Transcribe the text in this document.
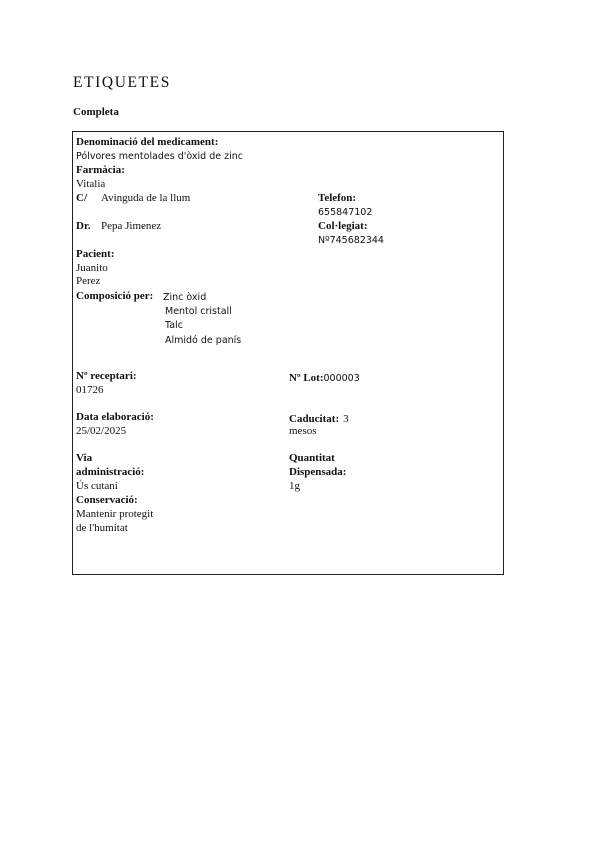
ETIQUETES
Completa
Denominació del medicament:
Pólvores mentolades d'òxid de zinc
Farmàcia:
Vitalia
C/ Avinguda de la llum	Telefon:
655847102
Dr. Pepa Jimenez	Col·legiat:
Nº745682344
Pacient:
Juanito
Perez
Composició per: Zinc òxid
Mentol cristall
Talc
Almidó de panís
Nº receptari:
01726
Nº Lot:000003
Data elaboració:
25/02/2025
Caducitat: 3
mesos
Via
administració:
Ús cutani
Quantitat
Dispensada:
1g
Conservació:
Mantenir protegit
de l'humitat
